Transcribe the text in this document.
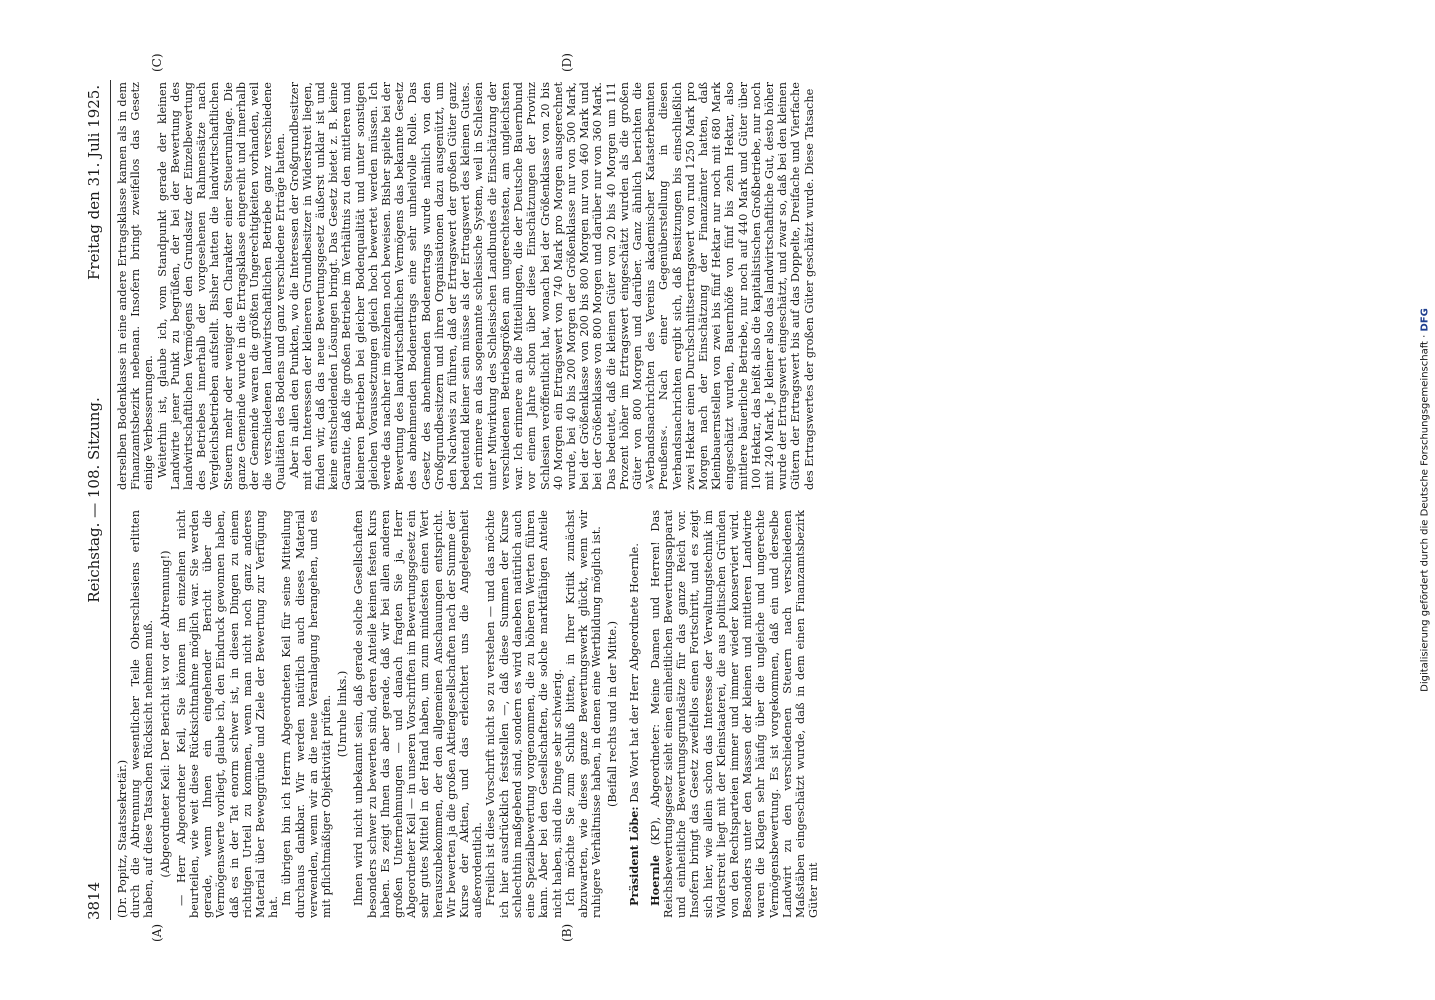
3814
Reichstag. — 108. Sitzung.
Freitag den 31. Juli 1925.
(A)	(B)
(C)	(D)

(Dr. Popitz, Staatssekretär.) durch die Abtrennung wesentlicher Teile Oberschlesiens erlitten haben, auf diese Tatsachen Rücksicht nehmen muß. (Abgeordneter Keil: Der Bericht ist vor der Abtrennung!) — Herr Abgeordneter Keil, Sie können im einzelnen nicht beurteilen, wie weit diese Rücksichtnahme möglich war. Sie werden gerade, wenn Ihnen ein eingehender Bericht über die Vermögenswerte vorliegt, glaube ich, den Eindruck gewonnen haben, daß es in der Tat enorm schwer ist, in diesen Dingen zu einem richtigen Urteil zu kommen, wenn man nicht noch ganz anderes Material über Beweggründe und Ziele der Bewertung zur Verfügung hat.

Im übrigen bin ich Herrn Abgeordneten Keil für seine Mitteilung durchaus dankbar. Wir werden natürlich auch dieses Material verwenden, wenn wir an die neue Veranlagung herangehen, und es mit pflichtmäßiger Objektivität prüfen. (Unruhe links.) Ihnen wird nicht unbekannt sein, daß gerade solche Gesellschaften besonders schwer zu bewerten sind, deren Anteile keinen festen Kurs haben. Es zeigt Ihnen das aber gerade, daß wir bei allen anderen großen Unternehmungen — und danach fragten Sie ja, Herr Abgeordneter Keil — in unseren Vorschriften im Bewertungsgesetz ein sehr gutes Mittel in der Hand haben, um zum mindesten einen Wert herauszubekommen, der den allgemeinen Anschauungen entspricht. Wir bewerten ja die großen Aktiengesellschaften nach der Summe der Kurse der Aktien, und das erleichtert uns die Angelegenheit außerordentlich. Freilich ist diese Vorschrift nicht so zu verstehen — und das möchte ich hier ausdrücklich feststellen —, daß diese Summen der Kurse schlechthin maßgebend sind, sondern es wird daneben natürlich auch eine Spezialbewertung vorgenommen, die zu höheren Werten führen kann. Aber bei den Gesellschaften, die solche marktfähigen Anteile nicht haben, sind die Dinge sehr schwierig. Ich möchte Sie zum Schluß bitten, in Ihrer Kritik zunächst abzuwarten, wie dieses ganze Bewertungswerk glückt, wenn wir ruhigere Verhältnisse haben, in denen eine Wertbildung möglich ist. (Beifall rechts und in der Mitte.)

Präsident Löbe: Das Wort hat der Herr Abgeordnete Hoernle.

Hoernle (KP), Abgeordneter: Meine Damen und Herren! Das Reichsbewertungsgesetz sieht einen einheitlichen Bewertungsapparat und einheitliche Bewertungsgrundsätze für das ganze Reich vor. Insofern bringt das Gesetz zweifellos einen Fortschritt, und es zeigt sich hier, wie allein schon das Interesse der Verwaltungstechnik im Widerstreit liegt mit der Kleinstaaterei, die aus politischen Gründen von den Rechtsparteien immer und immer wieder konserviert wird. Besonders unter den Massen der kleinen und mittleren Landwirte waren die Klagen sehr häufig über die ungleiche und ungerechte Vermögensbewertung. Es ist vorgekommen, daß ein und derselbe Landwirt zu den verschiedenen Steuern nach verschiedenen Maßstäben eingeschätzt wurde, daß in dem einen Finanzamtsbezirk Güter mit

derselben Bodenklasse in eine andere Ertragsklasse kamen als in dem Finanzamtsbezirk nebenan. Insofern bringt zweifellos das Gesetz einige Verbesserungen. Weiterhin ist, glaube ich, vom Standpunkt gerade der kleinen Landwirte jener Punkt zu begrüßen, der bei der Bewertung des landwirtschaftlichen Vermögens den Grundsatz der Einzelbewertung des Betriebes innerhalb der vorgesehenen Rahmensätze nach Vergleichsbetrieben aufstellt. Bisher hatten die landwirtschaftlichen Steuern mehr oder weniger den Charakter einer Steuerumlage. Die ganze Gemeinde wurde in die Ertragsklasse eingereiht und innerhalb der Gemeinde waren die größten Ungerechtigkeiten vorhanden, weil die verschiedenen landwirtschaftlichen Betriebe ganz verschiedene Qualitäten des Bodens und ganz verschiedene Erträge hatten. Aber in allen den Punkten, wo die Interessen der Großgrundbesitzer mit den Interessen der kleineren Grundbesitzer in Widerstreit liegen, finden wir, daß das neue Bewertungsgesetz äußerst unklar ist und keine entscheidenden Lösungen bringt. Das Gesetz bietet z. B. keine Garantie, daß die großen Betriebe im Verhältnis zu den mittleren und kleineren Betrieben bei gleicher Bodenqualität und unter sonstigen gleichen Voraussetzungen gleich hoch bewertet werden müssen. Ich werde das nachher im einzelnen noch beweisen. Bisher spielte bei der Bewertung des landwirtschaftlichen Vermögens das bekannte Gesetz des abnehmenden Bodenertrags eine sehr unheilvolle Rolle. Das Gesetz des abnehmenden Bodenertrags wurde nämlich von den Großgrundbesitzern und ihren Organisationen dazu ausgenützt, um den Nachweis zu führen, daß der Ertragswert der großen Güter ganz bedeutend kleiner sein müsse als der Ertragswert des kleinen Gutes. Ich erinnere an das sogenannte schlesische System, weil in Schlesien unter Mitwirkung des Schlesischen Landbundes die Einschätzung der verschiedenen Betriebsgrößen am ungerechtesten, am ungleichsten war. Ich erinnere an die Mitteilungen, die der Deutsche Bauernbund vor einem Jahre schon über diese Einschätzungen der Provinz Schlesien veröffentlicht hat, wonach bei der Größenklasse von 20 bis 40 Morgen ein Ertragswert von 740 Mark pro Morgen ausgerechnet wurde, bei 40 bis 200 Morgen der Größenklasse nur von 500 Mark, bei der Größenklasse von 200 bis 800 Morgen nur von 460 Mark und bei der Größenklasse von 800 Morgen und darüber nur von 360 Mark. Das bedeutet, daß die kleinen Güter von 20 bis 40 Morgen um 111 Prozent höher im Ertragswert eingeschätzt wurden als die großen Güter von 800 Morgen und darüber. Ganz ähnlich berichten die »Verbandsnachrichten des Vereins akademischer Katasterbeamten Preußens«. Nach einer Gegenüberstellung in diesen Verbandsnachrichten ergibt sich, daß Besitzungen bis einschließlich zwei Hektar einen Durchschnittsertragswert von rund 1250 Mark pro Morgen nach der Einschätzung der Finanzämter hatten, daß Kleinbauernstellen von zwei bis fünf Hektar nur noch mit 680 Mark eingeschätzt wurden, Bauernhöfe von fünf bis zehn Hektar, also mittlere bäuerliche Betriebe, nur noch auf 440 Mark und Güter über 100 Hektar, das heißt also die kapitalistischen Großbetriebe, nur noch mit 240 Mark. Je kleiner also das landwirtschaftliche Gut, desto höher wurde der Ertragswert eingeschätzt, und zwar so, daß bei den kleinen Gütern der Ertragswert bis auf das Doppelte, Dreifache und Vierfache des Ertragswertes der großen Güter geschätzt wurde. Diese Tatsache

Digitalisierung gefördert durch die Deutsche Forschungsgemeinschaft · DFG
